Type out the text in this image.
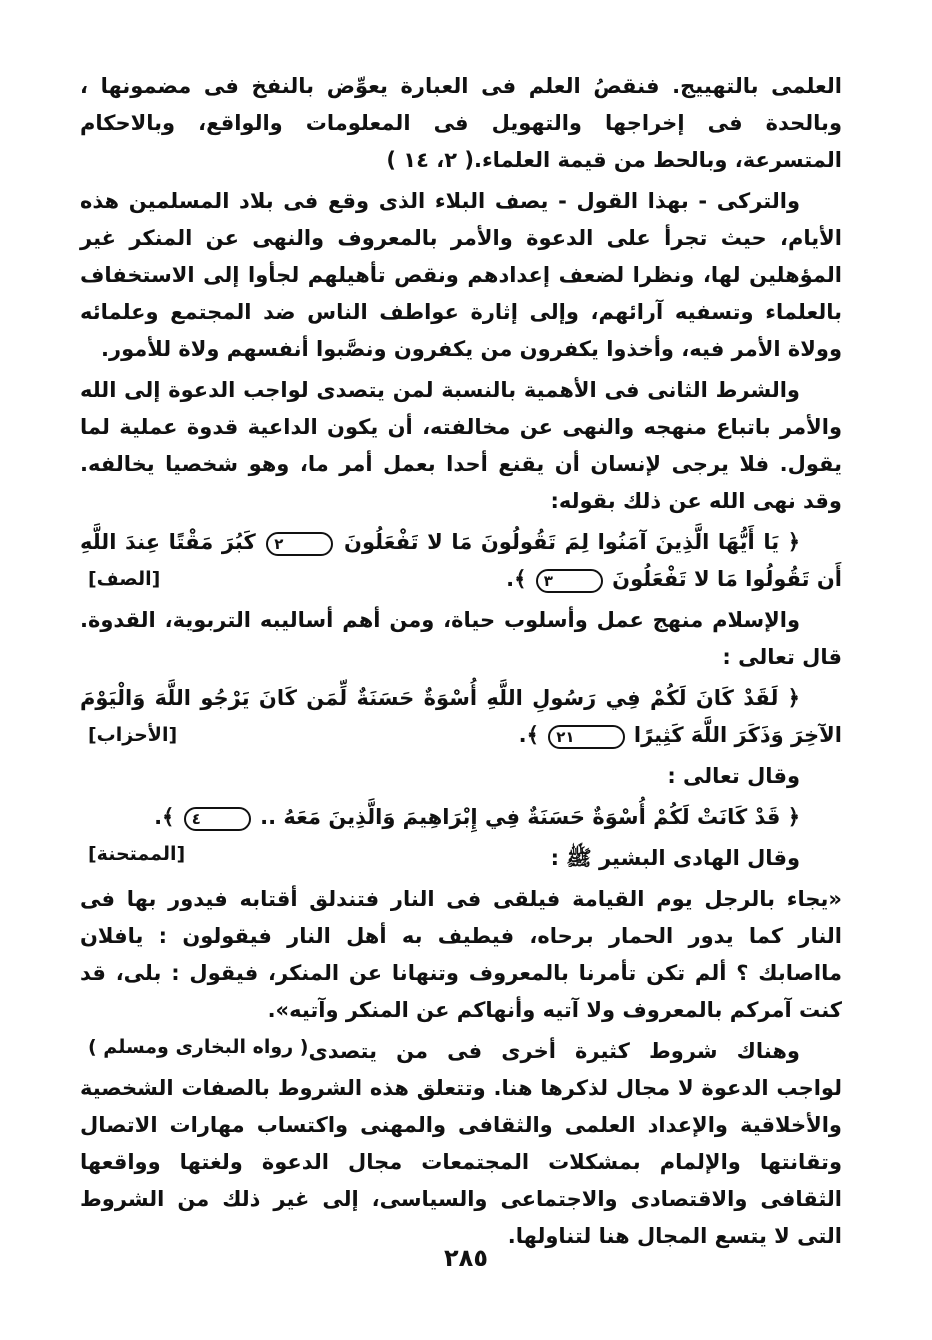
العلمى بالتهييج. فنقصُ العلم فى العبارة يعوِّض بالنفخ فى مضمونها ، وبالحدة فى إخراجها والتهويل فى المعلومات والواقع، وبالاحكام المتسرعة، وبالحط من قيمة العلماء.( ٢، ١٤ )

والتركى - بهذا القول - يصف البلاء الذى وقع فى بلاد المسلمين هذه الأيام، حيث تجرأ على الدعوة والأمر بالمعروف والنهى عن المنكر غير المؤهلين لها، ونظرا لضعف إعدادهم ونقص تأهيلهم لجأوا إلى الاستخفاف بالعلماء وتسفيه آرائهم، وإلى إثارة عواطف الناس ضد المجتمع وعلمائه وولاة الأمر فيه، وأخذوا يكفرون من يكفرون ونصَّبوا أنفسهم ولاة للأمور.

والشرط الثانى فى الأهمية بالنسبة لمن يتصدى لواجب الدعوة إلى الله والأمر باتباع منهجه والنهى عن مخالفته، أن يكون الداعية قدوة عملية لما يقول. فلا يرجى لإنسان أن يقنع أحدا بعمل أمر ما، وهو شخصيا يخالفه. وقد نهى الله عن ذلك بقوله:

﴿ يَا أَيُّهَا الَّذِينَ آمَنُوا لِمَ تَقُولُونَ مَا لا تَفْعَلُونَ ٢ كَبُرَ مَقْتًا عِندَ اللَّهِ أَن تَقُولُوا مَا لا تَفْعَلُونَ ٣ ﴾.
[الصف]

والإسلام منهج عمل وأسلوب حياة، ومن أهم أساليبه التربوية، القدوة. قال تعالى :

﴿ لَقَدْ كَانَ لَكُمْ فِي رَسُولِ اللَّهِ أُسْوَةٌ حَسَنَةٌ لِّمَن كَانَ يَرْجُو اللَّهَ وَالْيَوْمَ الآخِرَ وَذَكَرَ اللَّهَ كَثِيرًا ٢١ ﴾.
[الأحزاب]

وقال تعالى :

﴿ قَدْ كَانَتْ لَكُمْ أُسْوَةٌ حَسَنَةٌ فِي إِبْرَاهِيمَ وَالَّذِينَ مَعَهُ .. ٤ ﴾.
[الممتحنة]	وقال الهادى البشير ﷺ :

«يجاء بالرجل يوم القيامة فيلقى فى النار فتندلق أقتابه فيدور بها فى النار كما يدور الحمار برحاه، فيطيف به أهل النار فيقولون : يافلان مااصابك ؟ ألم تكن تأمرنا بالمعروف وتنهانا عن المنكر، فيقول : بلى، قد كنت آمركم بالمعروف ولا آتيه وأنهاكم عن المنكر وآتيه».
( رواه البخارى ومسلم ) وهناك شروط كثيرة أخرى فى من يتصدى لواجب الدعوة لا مجال لذكرها هنا. وتتعلق هذه الشروط بالصفات الشخصية والأخلاقية والإعداد العلمى والثقافى والمهنى واكتساب مهارات الاتصال وتقانتها والإلمام بمشكلات المجتمعات مجال الدعوة ولغتها وواقعها الثقافى والاقتصادى والاجتماعى والسياسى، إلى غير ذلك من الشروط التى لا يتسع المجال هنا لتناولها.

٢٨٥
